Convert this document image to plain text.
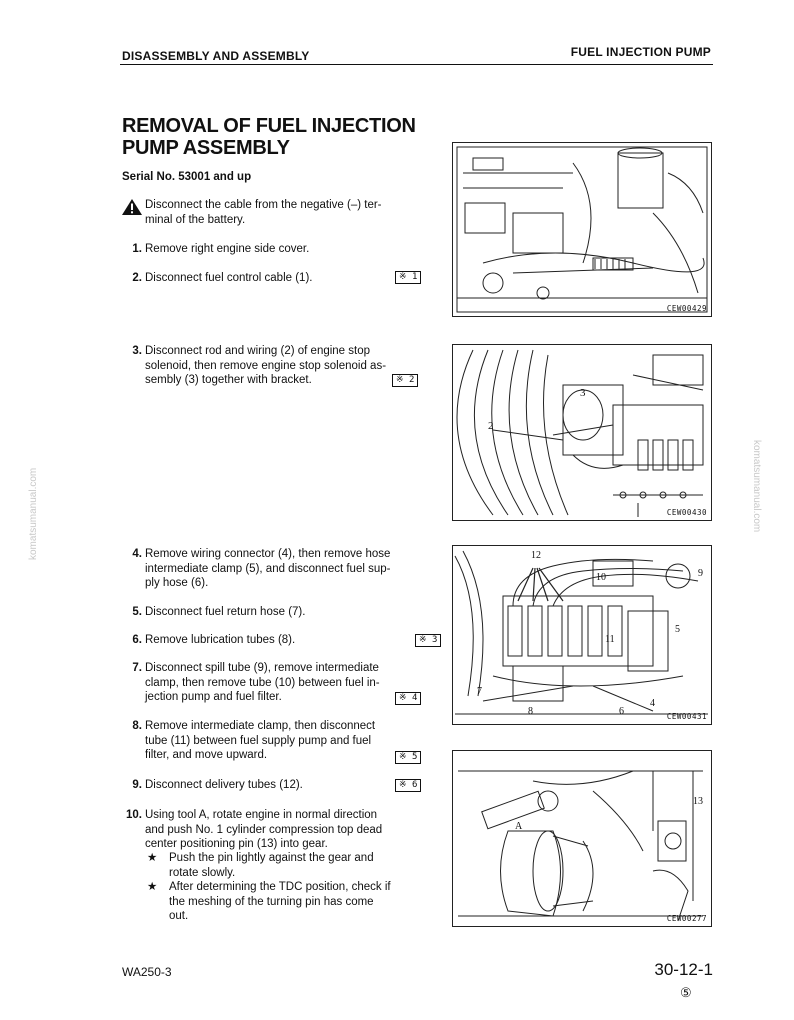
DISASSEMBLY AND ASSEMBLY	FUEL INJECTION PUMP
REMOVAL OF FUEL INJECTION
PUMP ASSEMBLY
Serial No. 53001 and up
Disconnect the cable from the negative (–) ter-
minal of the battery.
1. Remove right engine side cover.
2. Disconnect fuel control cable (1).	※ 1
3. Disconnect rod and wiring (2) of engine stop
solenoid, then remove engine stop solenoid as-
sembly (3) together with bracket.	※ 2
4. Remove wiring connector (4), then remove hose
intermediate clamp (5), and disconnect fuel sup-
ply hose (6).
5. Disconnect fuel return hose (7).
6. Remove lubrication tubes (8).	※ 3
7. Disconnect spill tube (9), remove intermediate
clamp, then remove tube (10) between fuel in-
jection pump and fuel filter.	※ 4
8. Remove intermediate clamp, then disconnect
tube (11) between fuel supply pump and fuel
filter, and move upward.	※ 5
9. Disconnect delivery tubes (12).	※ 6
10. Using tool A, rotate engine in normal direction
and push No. 1 cylinder compression top dead
center positioning pin (13) into gear.
★ Push the pin lightly against the gear and
rotate slowly.
★ After determining the TDC position, check if
the meshing of the turning pin has come
out.
CEW00429
2
3
CEW00430
12
10	9
5
11
7
8	6
4
CEW00431
13
A
CEW00277
komatsumanual.com	komatsumanual.com
WA250-3	30-12-1
⑤
